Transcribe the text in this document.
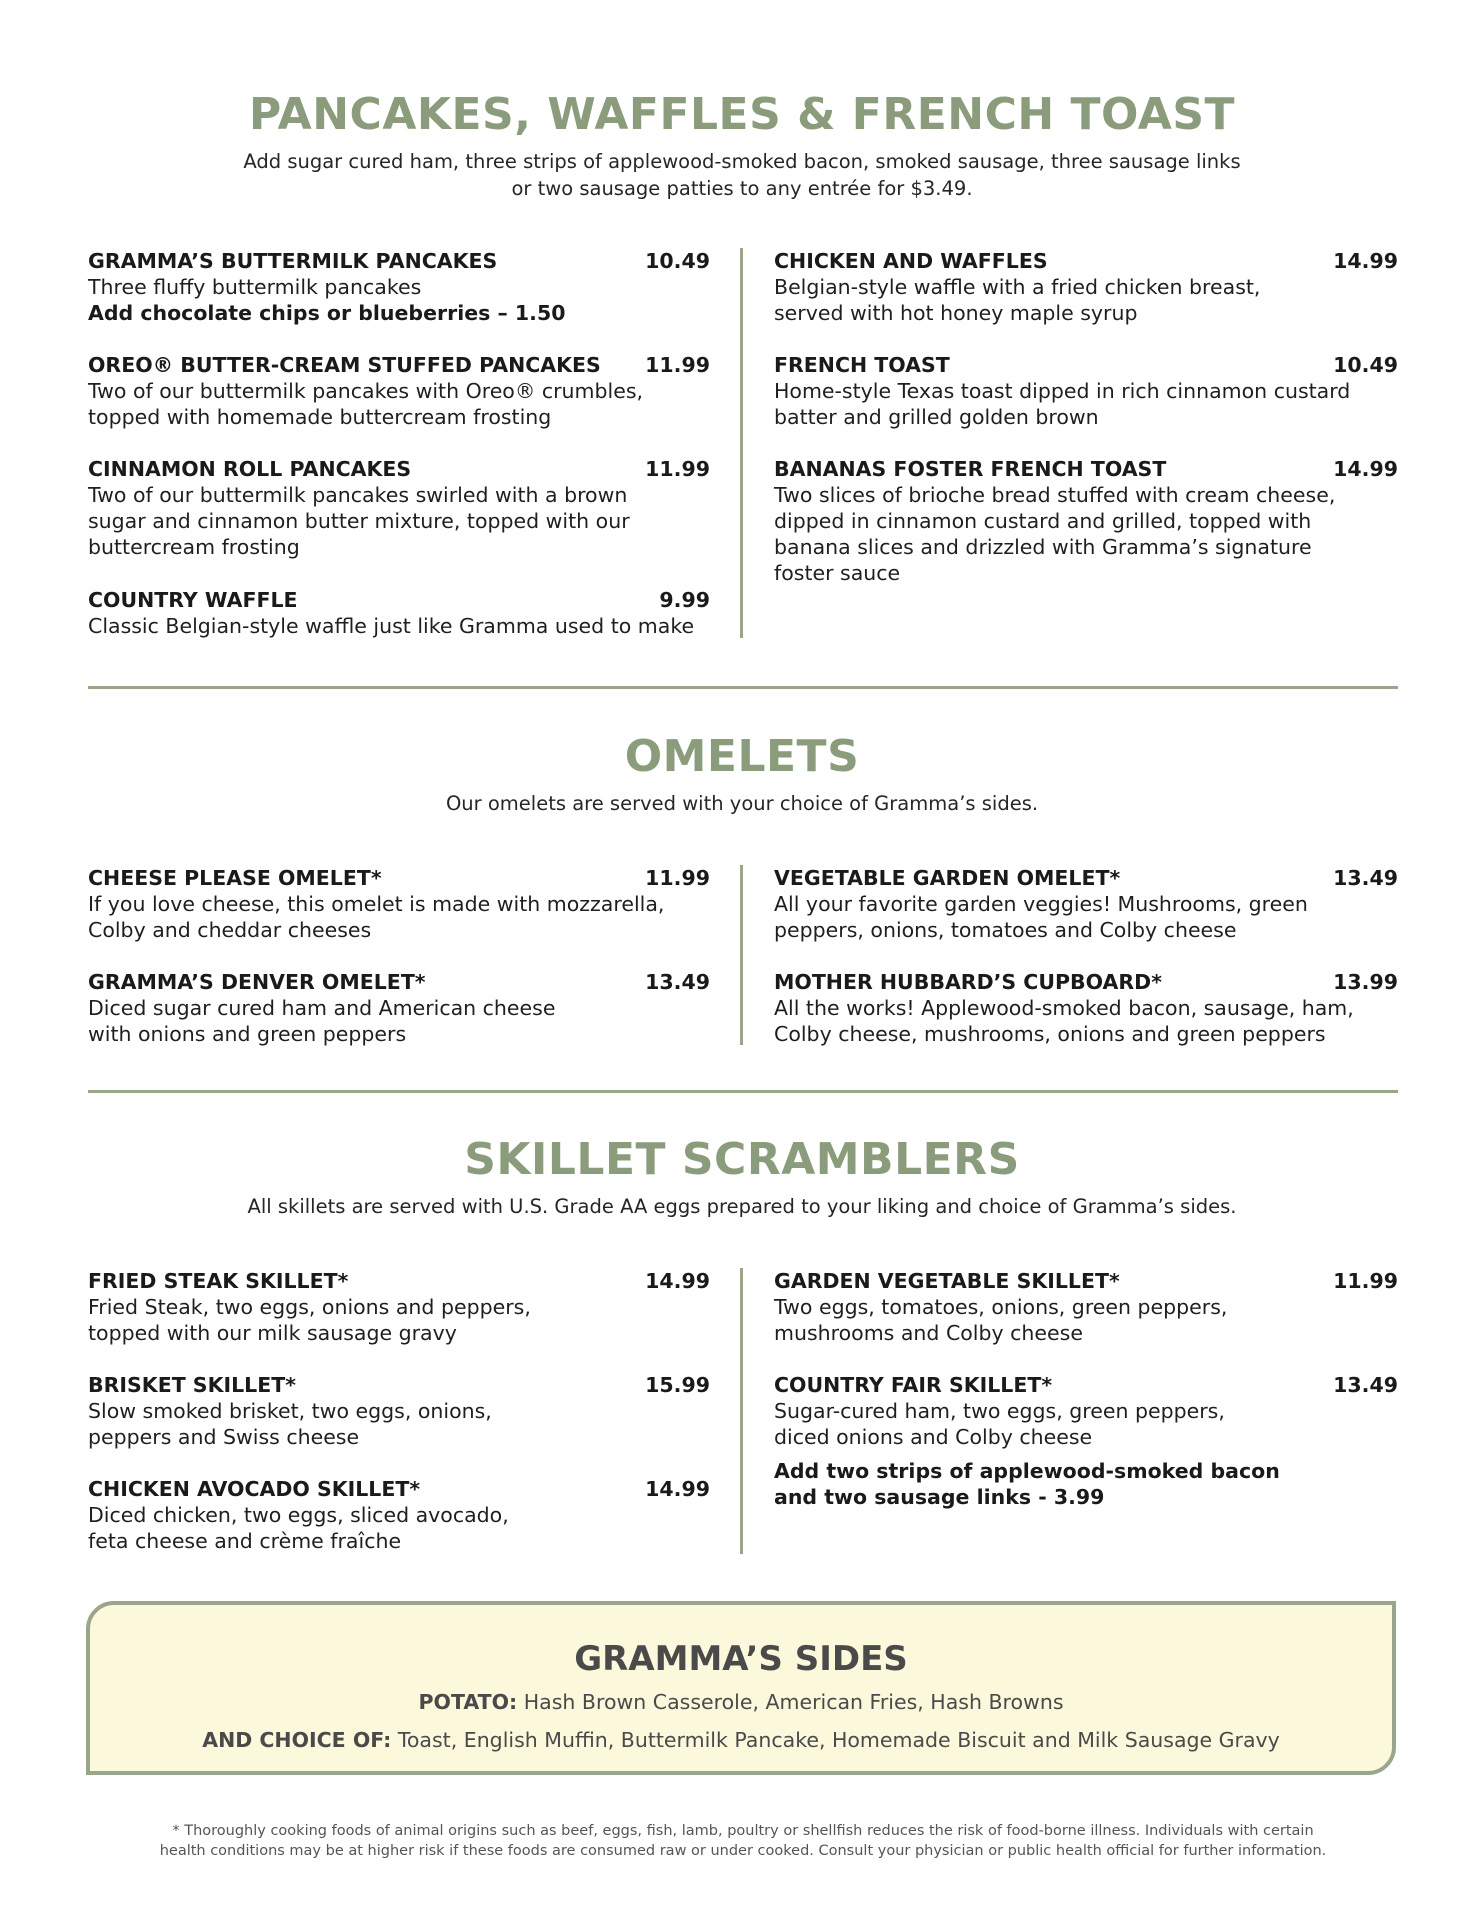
PANCAKES, WAFFLES & FRENCH TOAST
Add sugar cured ham, three strips of applewood-smoked bacon, smoked sausage, three sausage links
or two sausage patties to any entrée for $3.49.
GRAMMA’S BUTTERMILK PANCAKES	10.49
Three fluffy buttermilk pancakes
Add chocolate chips or blueberries – 1.50
OREO® BUTTER-CREAM STUFFED PANCAKES 11.99
Two of our buttermilk pancakes with Oreo® crumbles,
topped with homemade buttercream frosting
CINNAMON ROLL PANCAKES	11.99
Two of our buttermilk pancakes swirled with a brown
sugar and cinnamon butter mixture, topped with our
buttercream frosting
COUNTRY WAFFLE	9.99
Classic Belgian-style waffle just like Gramma used to make
CHICKEN AND WAFFLES	14.99
Belgian-style waffle with a fried chicken breast,
served with hot honey maple syrup
FRENCH TOAST	10.49
Home-style Texas toast dipped in rich cinnamon custard
batter and grilled golden brown
BANANAS FOSTER FRENCH TOAST	14.99
Two slices of brioche bread stuffed with cream cheese,
dipped in cinnamon custard and grilled, topped with
banana slices and drizzled with Gramma’s signature
foster sauce
OMELETS
Our omelets are served with your choice of Gramma’s sides.
CHEESE PLEASE OMELET*	11.99
If you love cheese, this omelet is made with mozzarella,
Colby and cheddar cheeses
GRAMMA’S DENVER OMELET*	13.49
Diced sugar cured ham and American cheese
with onions and green peppers
VEGETABLE GARDEN OMELET*	13.49
All your favorite garden veggies! Mushrooms, green
peppers, onions, tomatoes and Colby cheese
MOTHER HUBBARD’S CUPBOARD*	13.99
All the works! Applewood-smoked bacon, sausage, ham,
Colby cheese, mushrooms, onions and green peppers
SKILLET SCRAMBLERS
All skillets are served with U.S. Grade AA eggs prepared to your liking and choice of Gramma’s sides.
FRIED STEAK SKILLET*	14.99
Fried Steak, two eggs, onions and peppers,
topped with our milk sausage gravy
BRISKET SKILLET*	15.99
Slow smoked brisket, two eggs, onions,
peppers and Swiss cheese
CHICKEN AVOCADO SKILLET*	14.99
Diced chicken, two eggs, sliced avocado,
feta cheese and crème fraîche
GARDEN VEGETABLE SKILLET*	11.99
Two eggs, tomatoes, onions, green peppers,
mushrooms and Colby cheese
COUNTRY FAIR SKILLET*	13.49
Sugar-cured ham, two eggs, green peppers,
diced onions and Colby cheese
Add two strips of applewood-smoked bacon
and two sausage links - 3.99
GRAMMA’S SIDES
POTATO: Hash Brown Casserole, American Fries, Hash Browns
AND CHOICE OF: Toast, English Muffin, Buttermilk Pancake, Homemade Biscuit and Milk Sausage Gravy
* Thoroughly cooking foods of animal origins such as beef, eggs, fish, lamb, poultry or shellfish reduces the risk of food-borne illness. Individuals with certain
health conditions may be at higher risk if these foods are consumed raw or under cooked. Consult your physician or public health official for further information.
